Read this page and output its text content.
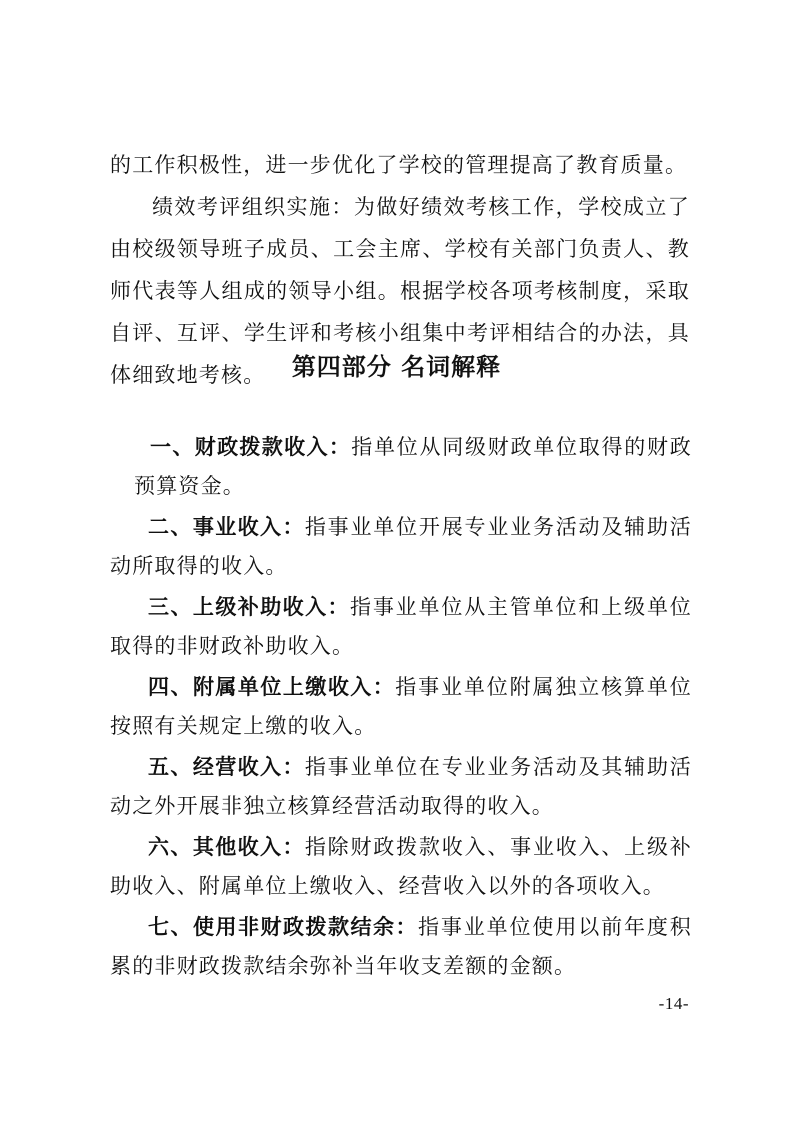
的工作积极性，进一步优化了学校的管理提高了教育质量。

绩效考评组织实施：为做好绩效考核工作，学校成立了由校级领导班子成员、工会主席、学校有关部门负责人、教师代表等人组成的领导小组。根据学校各项考核制度，采取自评、互评、学生评和考核小组集中考评相结合的办法，具体细致地考核。	第四部分 名词解释
一、财政拨款收入：指单位从同级财政单位取得的财政预算资金。
二、事业收入：指事业单位开展专业业务活动及辅助活动所取得的收入。
三、上级补助收入：指事业单位从主管单位和上级单位取得的非财政补助收入。
四、附属单位上缴收入：指事业单位附属独立核算单位按照有关规定上缴的收入。
五、经营收入：指事业单位在专业业务活动及其辅助活动之外开展非独立核算经营活动取得的收入。
六、其他收入：指除财政拨款收入、事业收入、上级补助收入、附属单位上缴收入、经营收入以外的各项收入。
七、使用非财政拨款结余：指事业单位使用以前年度积累的非财政拨款结余弥补当年收支差额的金额。
-14-
